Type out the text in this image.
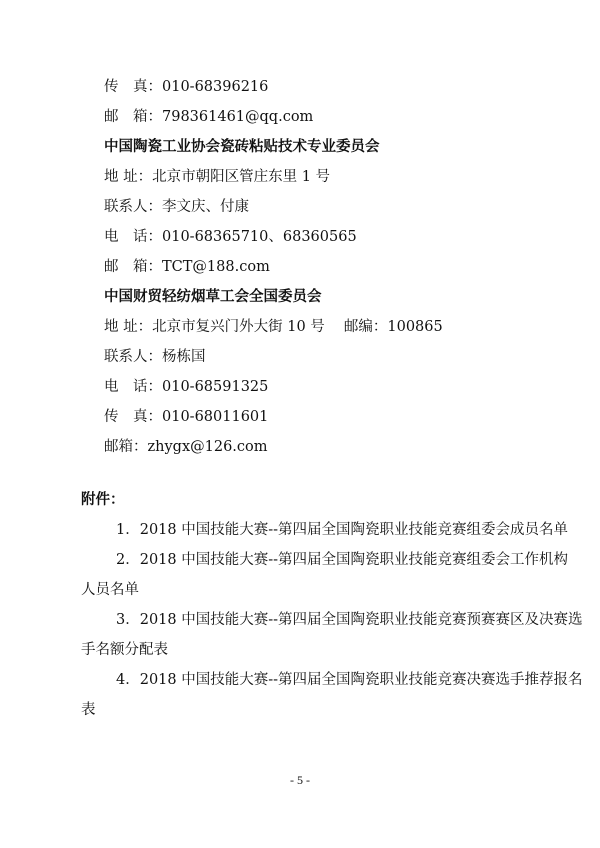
传　真：010-68396216
邮　箱：798361461@qq.com
中国陶瓷工业协会瓷砖粘贴技术专业委员会
地 址：北京市朝阳区管庄东里 1 号
联系人：李文庆、付康
电　话：010-68365710、68360565
邮　箱：TCT@188.com
中国财贸轻纺烟草工会全国委员会
地 址：北京市复兴门外大街 10 号　 邮编：100865
联系人：杨栋国
电　话：010-68591325
传　真：010-68011601
邮箱：zhygx@126.com
附件：
1．2018 中国技能大赛--第四届全国陶瓷职业技能竞赛组委会成员名单
2．2018 中国技能大赛--第四届全国陶瓷职业技能竞赛组委会工作机构
人员名单
3．2018 中国技能大赛--第四届全国陶瓷职业技能竞赛预赛赛区及决赛选
手名额分配表
4．2018 中国技能大赛--第四届全国陶瓷职业技能竞赛决赛选手推荐报名
表
- 5 -
